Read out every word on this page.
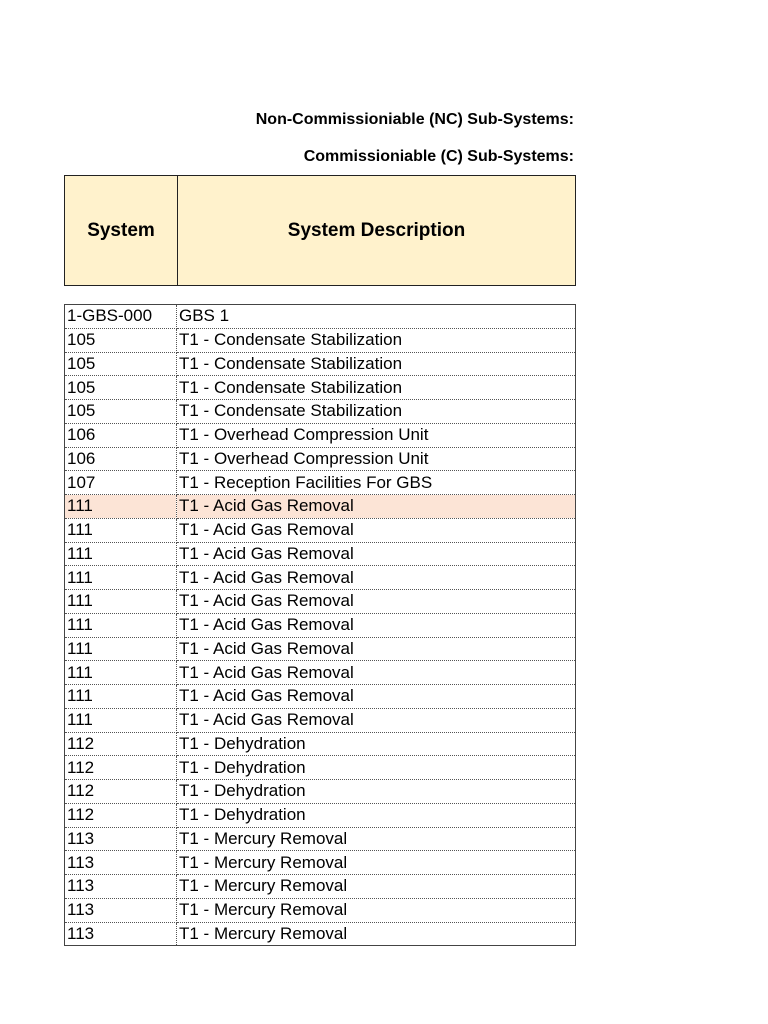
Non-Commissioniable (NC) Sub-Systems:
Commissioniable (C) Sub-Systems:
System	System Description
1-GBS-000	GBS 1
105	T1 - Condensate Stabilization
105	T1 - Condensate Stabilization
105	T1 - Condensate Stabilization
105	T1 - Condensate Stabilization
106	T1 - Overhead Compression Unit
106	T1 - Overhead Compression Unit
107	T1 - Reception Facilities For GBS
111	T1 - Acid Gas Removal
111	T1 - Acid Gas Removal
111	T1 - Acid Gas Removal
111	T1 - Acid Gas Removal
111	T1 - Acid Gas Removal
111	T1 - Acid Gas Removal
111	T1 - Acid Gas Removal
111	T1 - Acid Gas Removal
111	T1 - Acid Gas Removal
111	T1 - Acid Gas Removal
112	T1 - Dehydration
112	T1 - Dehydration
112	T1 - Dehydration
112	T1 - Dehydration
113	T1 - Mercury Removal
113	T1 - Mercury Removal
113	T1 - Mercury Removal
113	T1 - Mercury Removal
113	T1 - Mercury Removal
